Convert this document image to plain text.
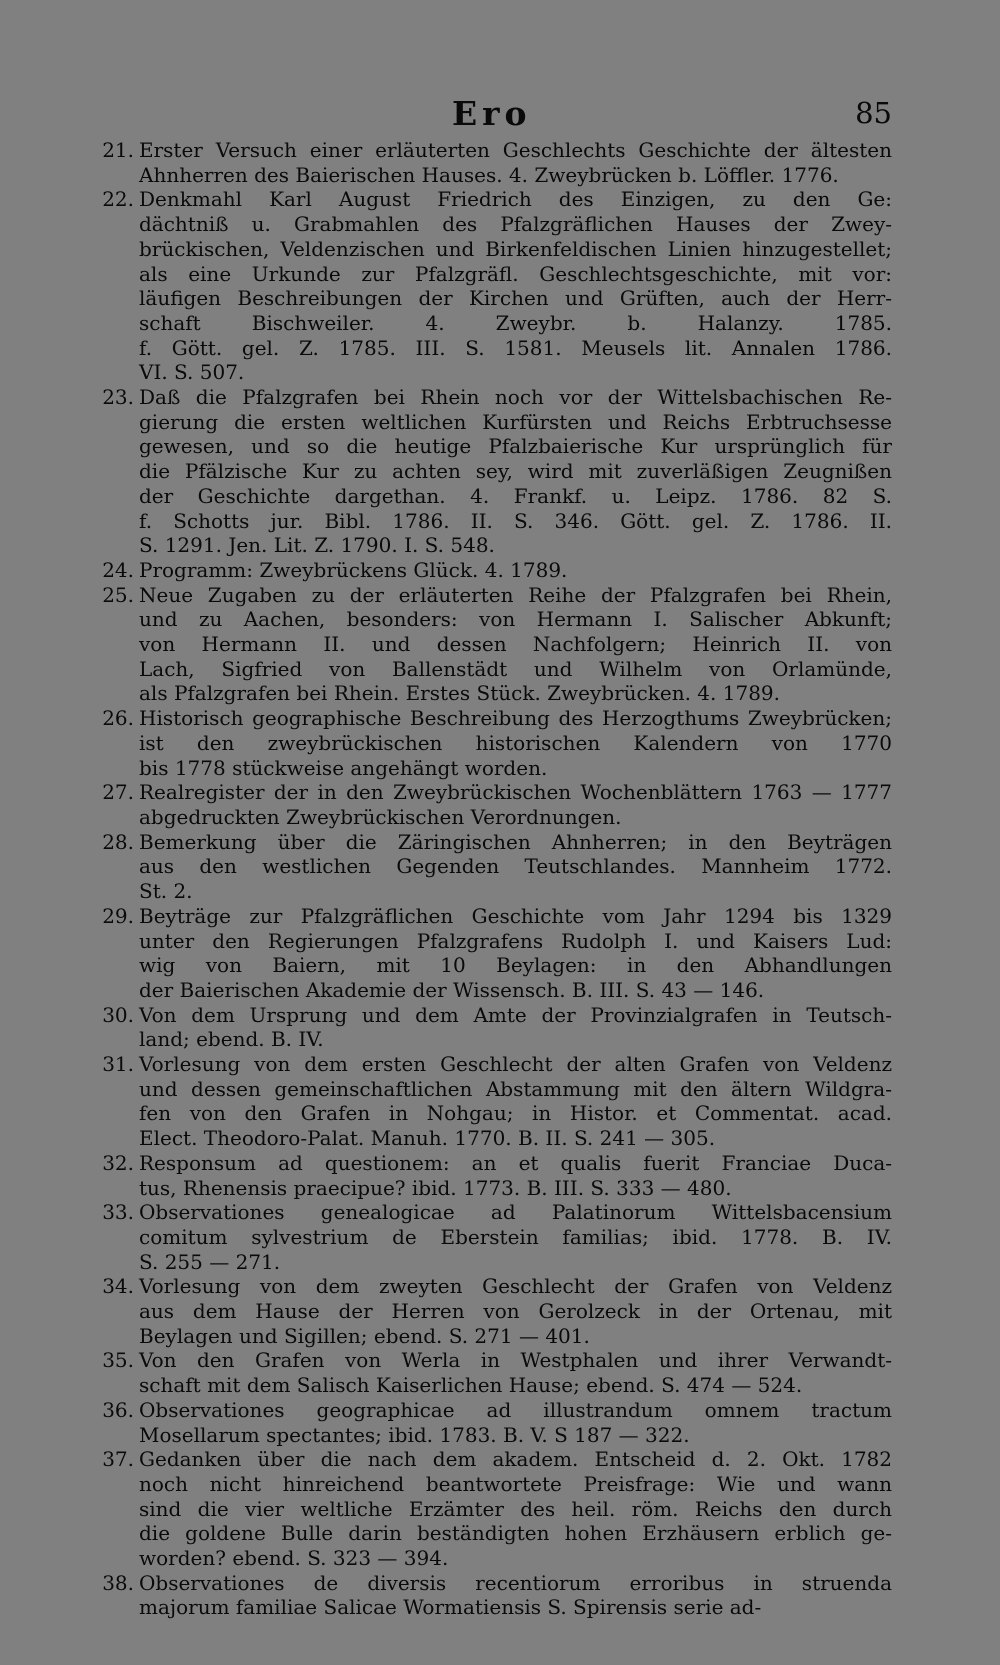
Ero	85
21. Erster Versuch einer erläuterten Geschlechts Geschichte der ältesten
Ahnherren des Baierischen Hauses. 4. Zweybrücken b. Löffler. 1776.
22. Denkmahl Karl August Friedrich des Einzigen, zu den Ge:
dächtniß u. Grabmahlen des Pfalzgräflichen Hauses der Zwey-
brückischen, Veldenzischen und Birkenfeldischen Linien hinzugestellet;
als eine Urkunde zur Pfalzgräfl. Geschlechtsgeschichte, mit vor:
läufigen Beschreibungen der Kirchen und Grüften, auch der Herr-
schaft Bischweiler. 4. Zweybr. b. Halanzy. 1785.
f. Gött. gel. Z. 1785. III. S. 1581. Meusels lit. Annalen 1786.
VI. S. 507.
23. Daß die Pfalzgrafen bei Rhein noch vor der Wittelsbachischen Re-
gierung die ersten weltlichen Kurfürsten und Reichs Erbtruchsesse
gewesen, und so die heutige Pfalzbaierische Kur ursprünglich für
die Pfälzische Kur zu achten sey, wird mit zuverläßigen Zeugnißen
der Geschichte dargethan. 4. Frankf. u. Leipz. 1786. 82 S.
f. Schotts jur. Bibl. 1786. II. S. 346. Gött. gel. Z. 1786. II.
S. 1291. Jen. Lit. Z. 1790. I. S. 548.
24. Programm: Zweybrückens Glück. 4. 1789.
25. Neue Zugaben zu der erläuterten Reihe der Pfalzgrafen bei Rhein,
und zu Aachen, besonders: von Hermann I. Salischer Abkunft;
von Hermann II. und dessen Nachfolgern; Heinrich II. von
Lach, Sigfried von Ballenstädt und Wilhelm von Orlamünde,
als Pfalzgrafen bei Rhein. Erstes Stück. Zweybrücken. 4. 1789.
26. Historisch geographische Beschreibung des Herzogthums Zweybrücken;
ist den zweybrückischen historischen Kalendern von 1770
bis 1778 stückweise angehängt worden.
27. Realregister der in den Zweybrückischen Wochenblättern 1763 — 1777
abgedruckten Zweybrückischen Verordnungen.
28. Bemerkung über die Zäringischen Ahnherren; in den Beyträgen
aus den westlichen Gegenden Teutschlandes. Mannheim 1772.
St. 2.
29. Beyträge zur Pfalzgräflichen Geschichte vom Jahr 1294 bis 1329
unter den Regierungen Pfalzgrafens Rudolph I. und Kaisers Lud:
wig von Baiern, mit 10 Beylagen: in den Abhandlungen
der Baierischen Akademie der Wissensch. B. III. S. 43 — 146.
30. Von dem Ursprung und dem Amte der Provinzialgrafen in Teutsch-
land; ebend. B. IV.
31. Vorlesung von dem ersten Geschlecht der alten Grafen von Veldenz
und dessen gemeinschaftlichen Abstammung mit den ältern Wildgra-
fen von den Grafen in Nohgau; in Histor. et Commentat. acad.
Elect. Theodoro-Palat. Manuh. 1770. B. II. S. 241 — 305.
32. Responsum ad questionem: an et qualis fuerit Franciae Duca-
tus, Rhenensis praecipue? ibid. 1773. B. III. S. 333 — 480.
33. Observationes genealogicae ad Palatinorum Wittelsbacensium
comitum sylvestrium de Eberstein familias; ibid. 1778. B. IV.
S. 255 — 271.
34. Vorlesung von dem zweyten Geschlecht der Grafen von Veldenz
aus dem Hause der Herren von Gerolzeck in der Ortenau, mit
Beylagen und Sigillen; ebend. S. 271 — 401.
35. Von den Grafen von Werla in Westphalen und ihrer Verwandt-
schaft mit dem Salisch Kaiserlichen Hause; ebend. S. 474 — 524.
36. Observationes geographicae ad illustrandum omnem tractum
Mosellarum spectantes; ibid. 1783. B. V. S 187 — 322.
37. Gedanken über die nach dem akadem. Entscheid d. 2. Okt. 1782
noch nicht hinreichend beantwortete Preisfrage: Wie und wann
sind die vier weltliche Erzämter des heil. röm. Reichs den durch
die goldene Bulle darin beständigten hohen Erzhäusern erblich ge-
worden? ebend. S. 323 — 394.
38. Observationes de diversis recentiorum erroribus in struenda
majorum familiae Salicae Wormatiensis S. Spirensis serie ad-
